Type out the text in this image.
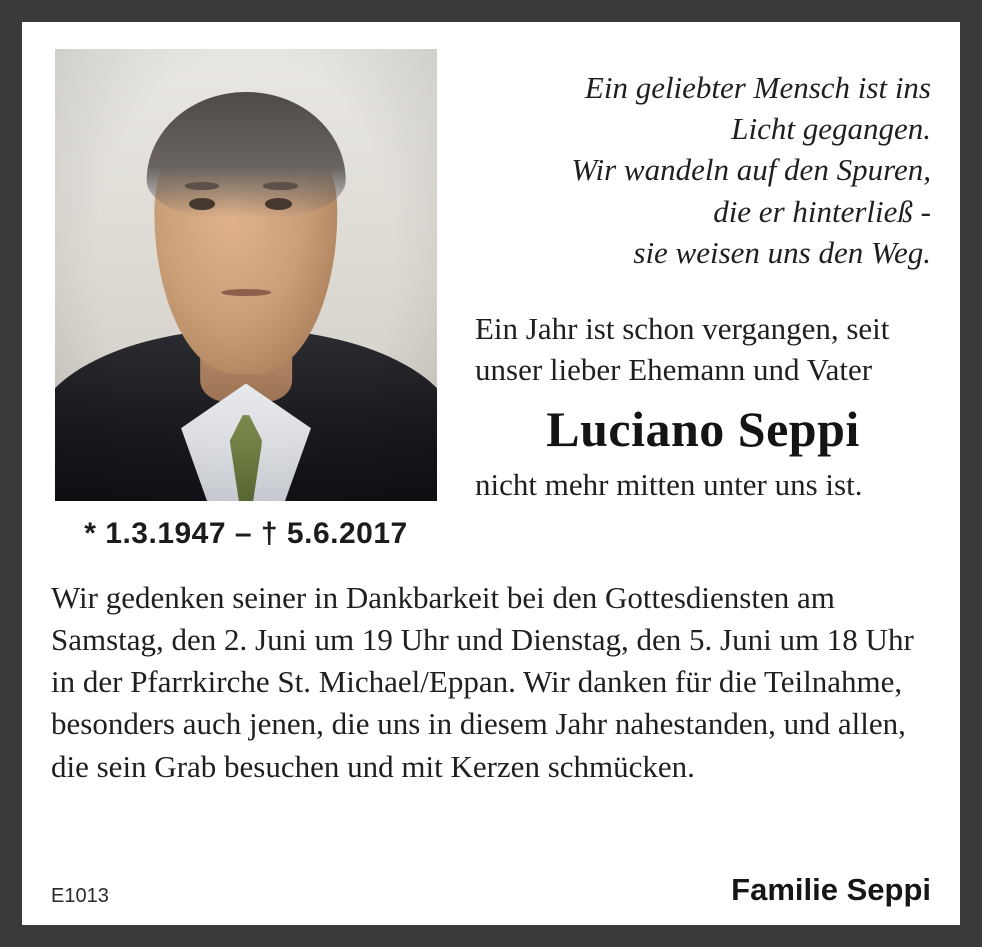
* 1.3.1947 – † 5.6.2017
Ein geliebter Mensch ist ins
Licht gegangen.
Wir wandeln auf den Spuren,
die er hinterließ -
sie weisen uns den Weg.
Ein Jahr ist schon vergangen, seit unser lieber Ehemann und Vater
Luciano Seppi
nicht mehr mitten unter uns ist.

Wir gedenken seiner in Dankbarkeit bei den Gottesdiensten am Samstag, den 2. Juni um 19 Uhr und Dienstag, den 5. Juni um 18 Uhr in der Pfarrkirche St. Michael/Eppan. Wir danken für die Teilnahme, besonders auch jenen, die uns in diesem Jahr nahestanden, und allen, die sein Grab besuchen und mit Kerzen schmücken.

E1013	Familie Seppi
